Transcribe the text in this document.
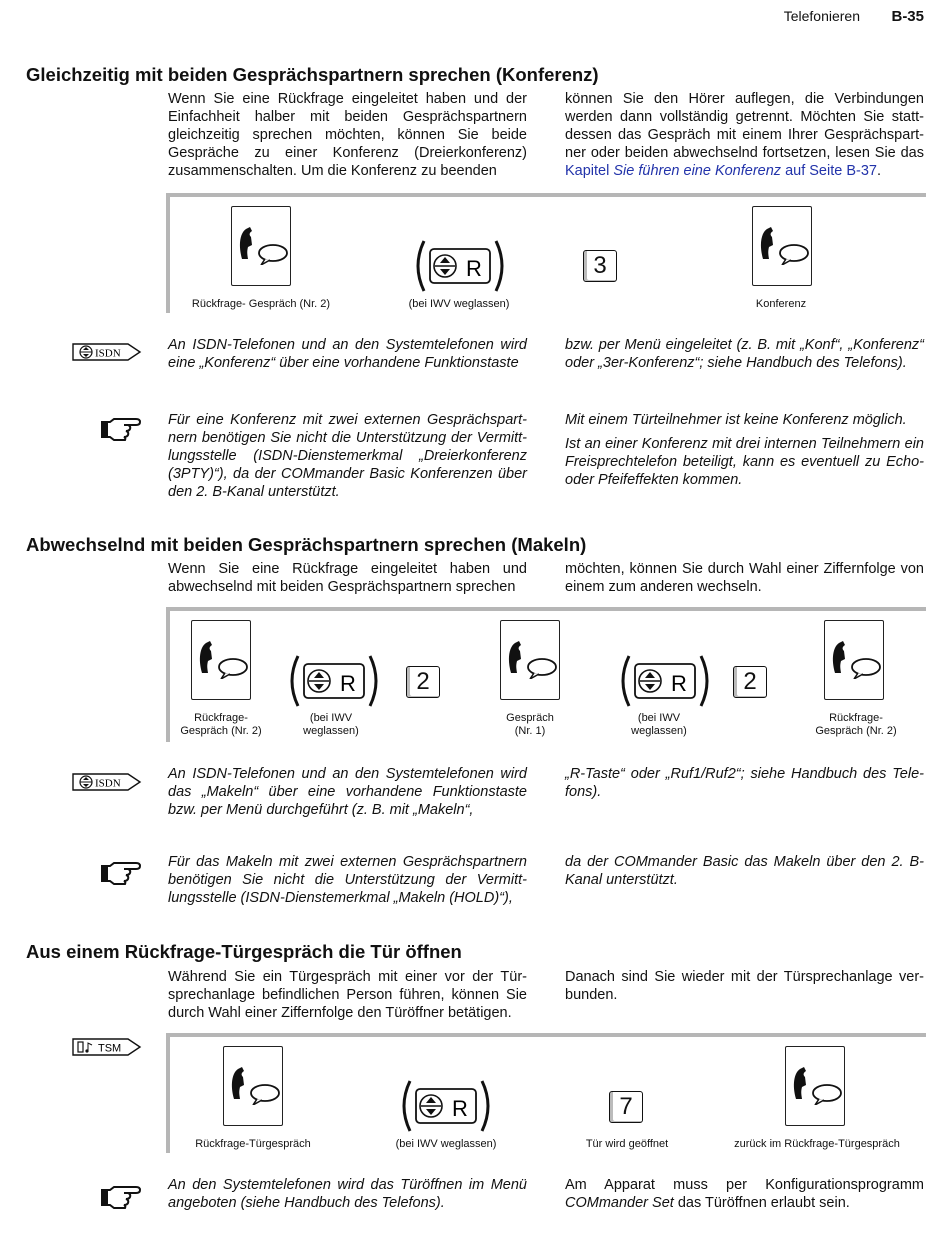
Telefonieren B-35
Gleichzeitig mit beiden Gesprächspartnern sprechen (Konferenz)

Wenn Sie eine Rückfrage eingeleitet haben und der Einfachheit halber mit beiden Gesprächspartnern gleichzeitig sprechen möchten, können Sie beide Gespräche zu einer Konferenz (Dreierkonferenz) zusammenschalten. Um die Konferenz zu beenden

können Sie den Hörer auflegen, die Verbindungen werden dann vollständig getrennt. Möchten Sie statt-dessen das Gespräch mit einem Ihrer Gesprächspart-ner oder beiden abwechselnd fortsetzen, lesen Sie das Kapitel Sie führen eine Konferenz auf Seite B-37.

R	3
Rückfrage- Gespräch (Nr. 2)	(bei IWV weglassen)	Konferenz
ISDN

An ISDN-Telefonen und an den Systemtelefonen wird eine „Konferenz“ über eine vorhandene Funktionstaste

bzw. per Menü eingeleitet (z. B. mit „Konf“, „Konferenz“ oder „3er-Konferenz“; siehe Handbuch des Telefons).

Für eine Konferenz mit zwei externen Gesprächspart-nern benötigen Sie nicht die Unterstützung der Vermitt-lungsstelle (ISDN-Dienstemerkmal „Dreierkonferenz (3PTY)“), da der COMmander Basic Konferenzen über den 2. B-Kanal unterstützt.

Mit einem Türteilnehmer ist keine Konferenz möglich.

Ist an einer Konferenz mit drei internen Teilnehmern ein Freisprechtelefon beteiligt, kann es eventuell zu Echo- oder Pfeifeffekten kommen.

Abwechselnd mit beiden Gesprächspartnern sprechen (Makeln)

Wenn Sie eine Rückfrage eingeleitet haben und abwechselnd mit beiden Gesprächspartnern sprechen

möchten, können Sie durch Wahl einer Ziffernfolge von einem zum anderen wechseln.

R	2	R	2
Rückfrage-
Gespräch (Nr. 2)
(bei IWV
weglassen)
Gespräch
(Nr. 1)
(bei IWV
weglassen)
Rückfrage-
Gespräch (Nr. 2)
ISDN

An ISDN-Telefonen und an den Systemtelefonen wird das „Makeln“ über eine vorhandene Funktionstaste bzw. per Menü durchgeführt (z. B. mit „Makeln“,

„R-Taste“ oder „Ruf1/Ruf2“; siehe Handbuch des Tele-fons).

Für das Makeln mit zwei externen Gesprächspartnern benötigen Sie nicht die Unterstützung der Vermitt-lungsstelle (ISDN-Dienstemerkmal „Makeln (HOLD)“),

da der COMmander Basic das Makeln über den 2. B-Kanal unterstützt.

Aus einem Rückfrage-Türgespräch die Tür öffnen

Während Sie ein Türgespräch mit einer vor der Tür-sprechanlage befindlichen Person führen, können Sie durch Wahl einer Ziffernfolge den Türöffner betätigen.

Danach sind Sie wieder mit der Türsprechanlage ver-bunden.

TSM
R	7
Rückfrage-Türgespräch	(bei IWV weglassen)	Tür wird geöffnet	zurück im Rückfrage-Türgespräch

An den Systemtelefonen wird das Türöffnen im Menü angeboten (siehe Handbuch des Telefons).

Am Apparat muss per Konfigurationsprogramm COMmander Set das Türöffnen erlaubt sein.
